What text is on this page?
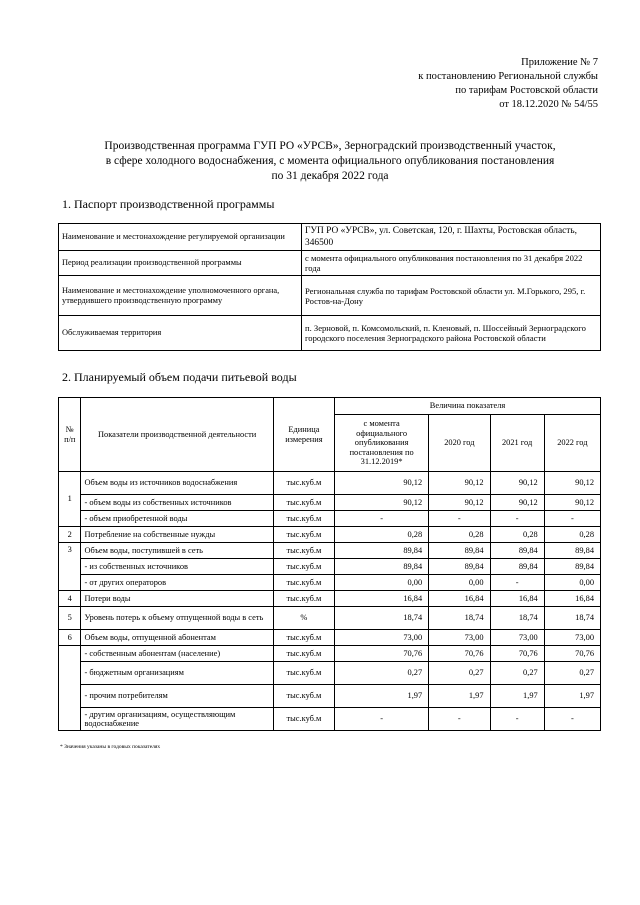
Приложение № 7
к постановлению Региональной службы
по тарифам Ростовской области
от 18.12.2020 № 54/55
Производственная программа ГУП РО «УРСВ», Зерноградский производственный участок,
в сфере холодного водоснабжения, с момента официального опубликования постановления
по 31 декабря 2022 года
1. Паспорт производственной программы
Наименование и местонахождение регулируемой организации	ГУП РО «УРСВ», ул. Советская, 120, г. Шахты, Ростовская область, 346500
Период реализации производственной программы	с момента официального опубликования постановления по 31 декабря 2022 года
Наименование и местонахождение уполномоченного органа, утвердившего производственную программу	Региональная служба по тарифам Ростовской области ул. М.Горького, 295, г. Ростов-на-Дону
Обслуживаемая территория	п. Зерновой, п. Комсомольский, п. Кленовый, п. Шоссейный Зерноградского городского поселения Зерноградского района Ростовской области
2. Планируемый объем подачи питьевой воды
№ п/п	Показатели производственной деятельности	Единица измерения	Величина показателя			
			с момента официального опубликования постановления по 31.12.2019*	2020 год	2021 год	2022 год
1	Объем воды из источников водоснабжения	тыс.куб.м	90,12	90,12	90,12	90,12
	- объем воды из собственных источников	тыс.куб.м	90,12	90,12	90,12	90,12
	- объем приобретенной воды	тыс.куб.м	-	-	-	-
2	Потребление на собственные нужды	тыс.куб.м	0,28	0,28	0,28	0,28
3	Объем воды, поступившей в сеть	тыс.куб.м	89,84	89,84	89,84	89,84
	- из собственных источников	тыс.куб.м	89,84	89,84	89,84	89,84
	- от других операторов	тыс.куб.м	0,00	0,00	-	0,00
4	Потери воды	тыс.куб.м	16,84	16,84	16,84	16,84
5	Уровень потерь к объему отпущенной воды в сеть	%	18,74	18,74	18,74	18,74
6	Объем воды, отпущенной абонентам	тыс.куб.м	73,00	73,00	73,00	73,00
	- собственным абонентам (население)	тыс.куб.м	70,76	70,76	70,76	70,76
	- бюджетным организациям	тыс.куб.м	0,27	0,27	0,27	0,27
	- прочим потребителям	тыс.куб.м	1,97	1,97	1,97	1,97
	- другим организациям, осуществляющим водоснабжение	тыс.куб.м	-	-	-	-
* Значения указаны в годовых показателях
